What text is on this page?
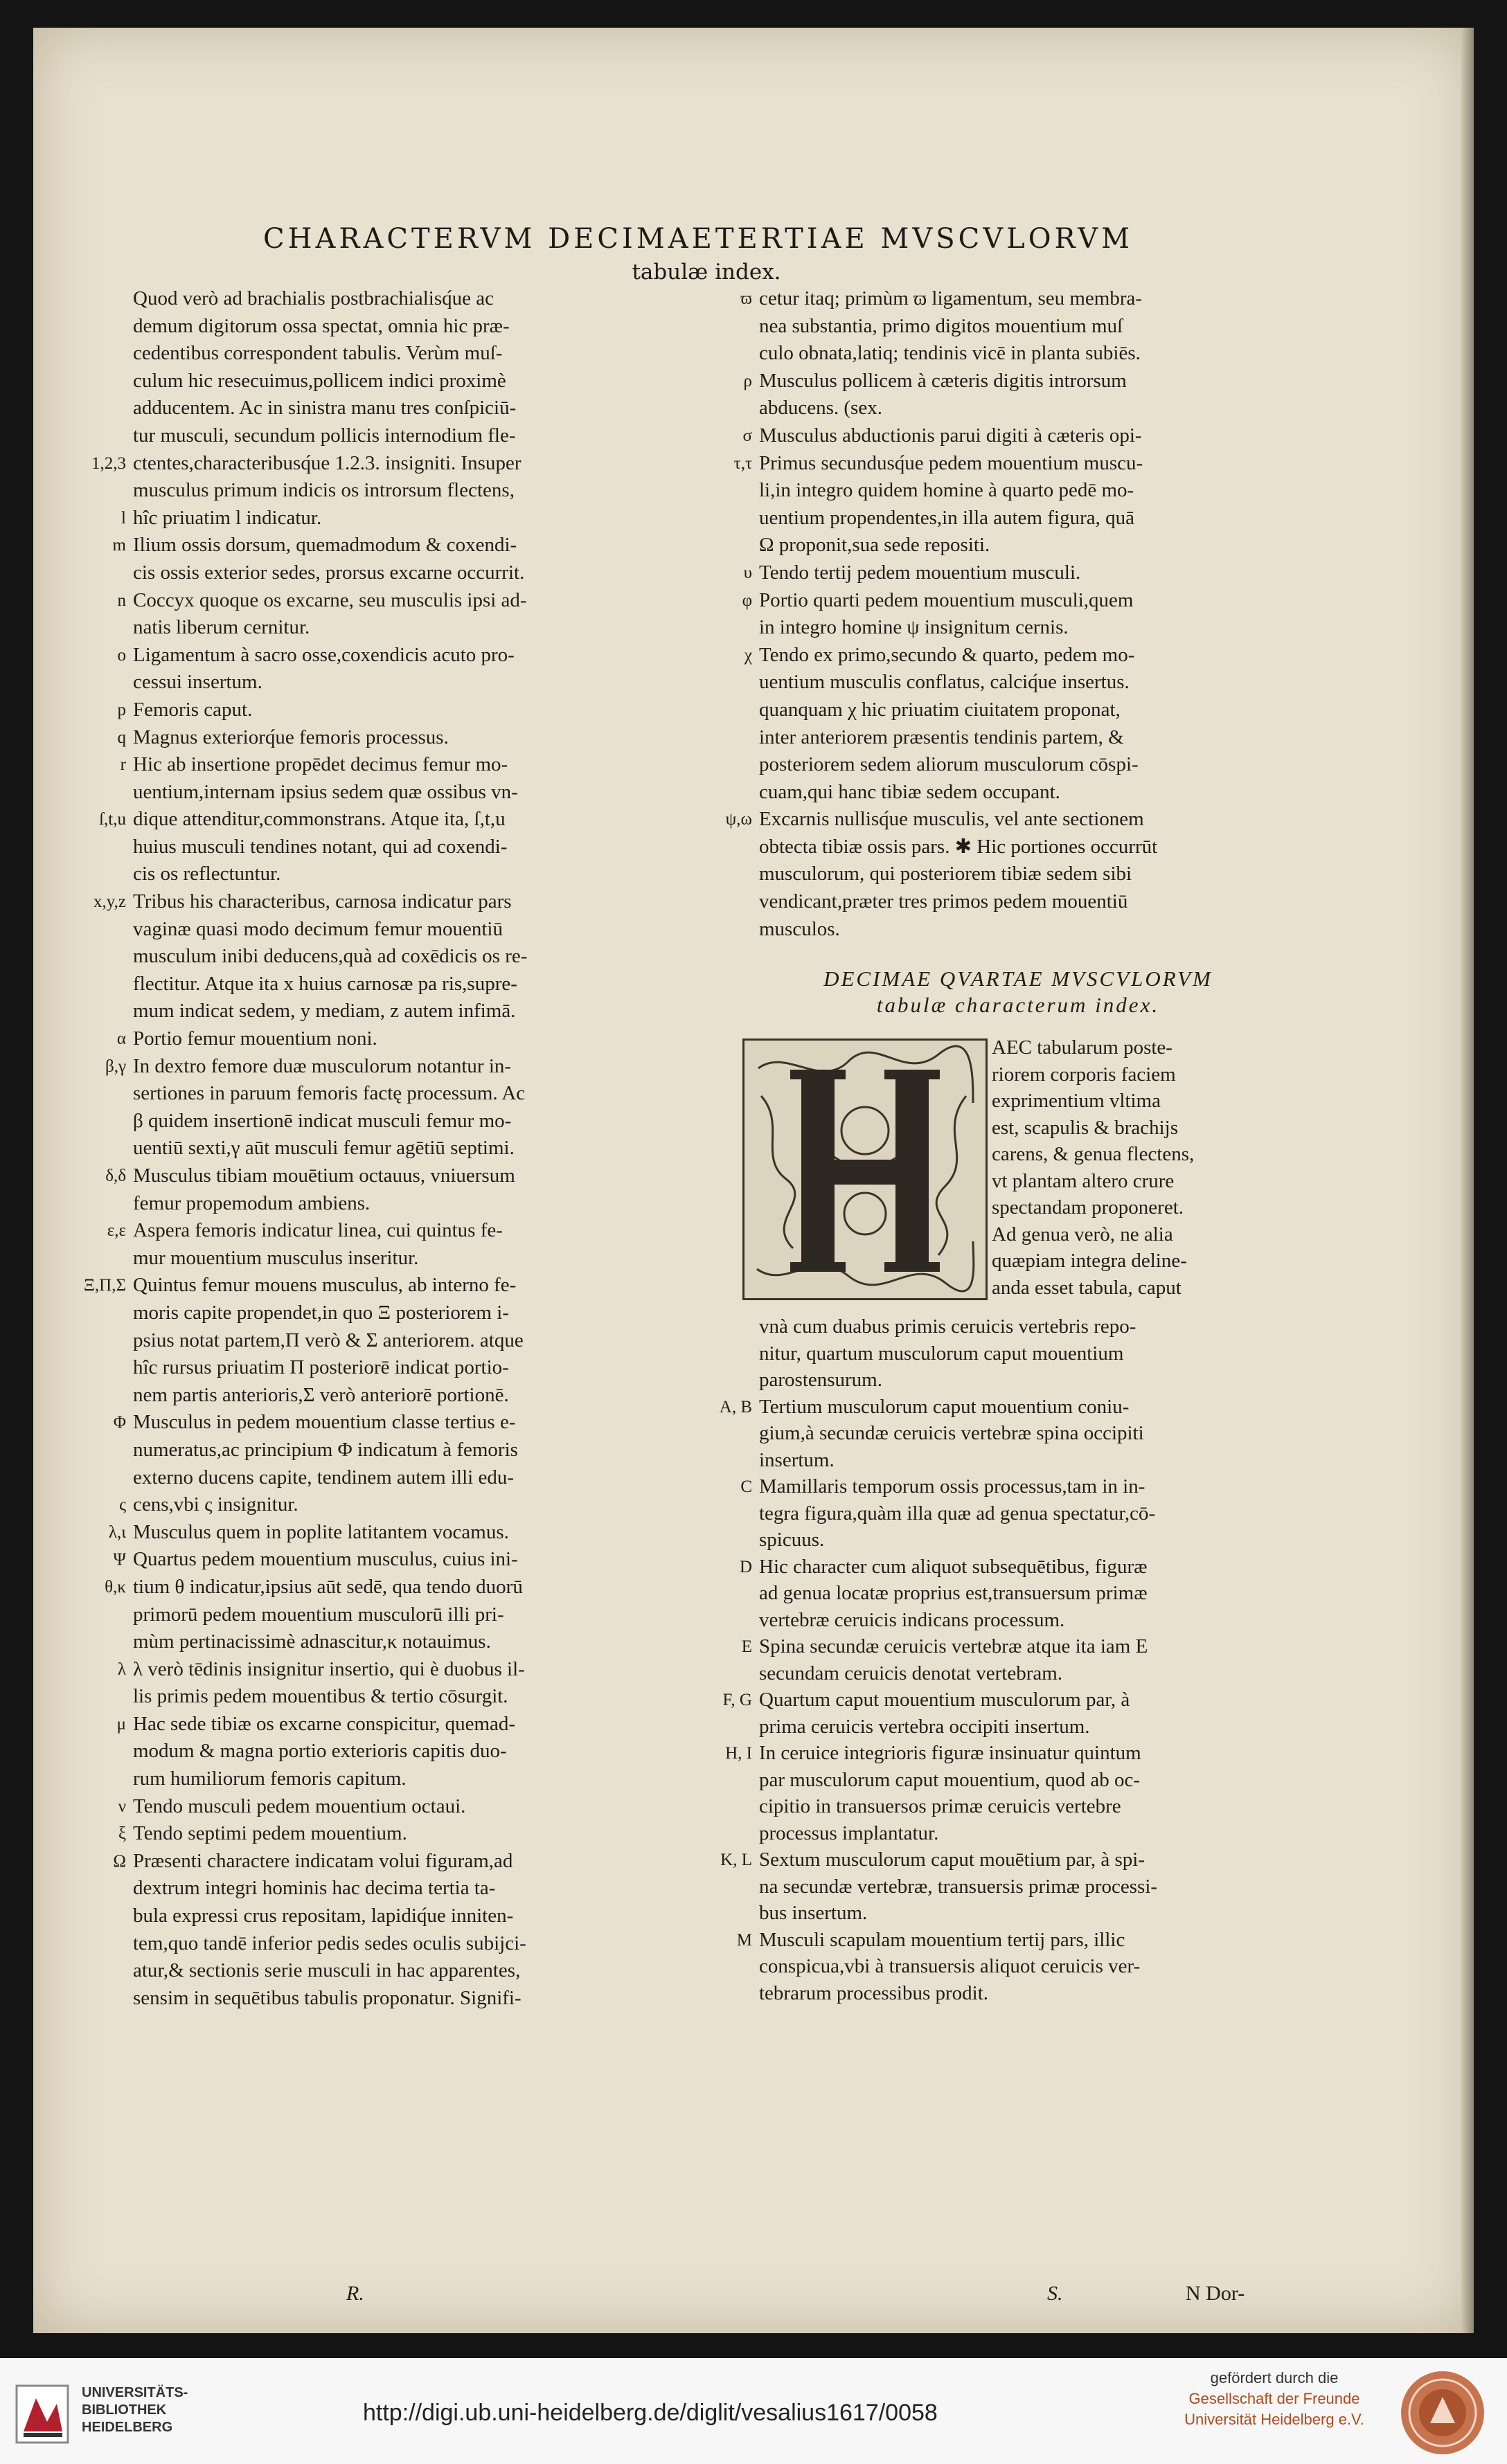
CHARACTERVM DECIMAETERTIAE MVSCVLORVM
tabulæ index.
Quod verò ad brachialis postbrachialisq́ue ac
demum digitorum ossa spectat, omnia hic præ-
cedentibus correspondent tabulis. Verùm muſ-
culum hic resecuimus,pollicem indici proximè
adducentem. Ac in sinistra manu tres conſpiciū-
tur musculi, secundum pollicis internodium fle-
1,2,3 ctentes,characteribusq́ue 1.2.3. insigniti. Insuper
musculus primum indicis os introrsum flectens,
l hîc priuatim l indicatur.
m Ilium ossis dorsum, quemadmodum & coxendi-
cis ossis exterior sedes, prorsus excarne occurrit.
n Coccyx quoque os excarne, seu musculis ipsi ad-
natis liberum cernitur.
o Ligamentum à sacro osse,coxendicis acuto pro-
cessui insertum.
p Femoris caput.
q Magnus exteriorq́ue femoris processus.
r Hic ab insertione propēdet decimus femur mo-
uentium,internam ipsius sedem quæ ossibus vn-
ſ,t,u dique attenditur,commonstrans. Atque ita, ſ,t,u
huius musculi tendines notant, qui ad coxendi-
cis os reflectuntur.
x,y,z Tribus his characteribus, carnosa indicatur pars
vaginæ quasi modo decimum femur mouentiū
musculum inibi deducens,quà ad coxēdicis os re-
flectitur. Atque ita x huius carnosæ pa ris,supre-
mum indicat sedem, y mediam, z autem infimā.
α Portio femur mouentium noni.
β,γ In dextro femore duæ musculorum notantur in-
sertiones in paruum femoris factę processum. Ac
β quidem insertionē indicat musculi femur mo-
uentiū sexti,γ aūt musculi femur agētiū septimi.
δ,δ Musculus tibiam mouētium octauus, vniuersum
femur propemodum ambiens.
ε,ε Aspera femoris indicatur linea, cui quintus fe-
mur mouentium musculus inseritur.
Ξ,Π,Σ Quintus femur mouens musculus, ab interno fe-
moris capite propendet,in quo Ξ posteriorem i-
psius notat partem,Π verò & Σ anteriorem. atque
hîc rursus priuatim Π posteriorē indicat portio-
nem partis anterioris,Σ verò anteriorē portionē.
Φ Musculus in pedem mouentium classe tertius e-
numeratus,ac principium Φ indicatum à femoris
externo ducens capite, tendinem autem illi edu-
ς cens,vbi ς insignitur.
λ,ι Musculus quem in poplite latitantem vocamus.
Ψ Quartus pedem mouentium musculus, cuius ini-
θ,κ tium θ indicatur,ipsius aūt sedē, qua tendo duorū
primorū pedem mouentium musculorū illi pri-
mùm pertinacissimè adnascitur,κ notauimus.
λ λ verò tēdinis insignitur insertio, qui è duobus il-
lis primis pedem mouentibus & tertio cōsurgit.
μ Hac sede tibiæ os excarne conspicitur, quemad-
modum & magna portio exterioris capitis duo-
rum humiliorum femoris capitum.
ν Tendo musculi pedem mouentium octaui.
ξ Tendo septimi pedem mouentium.
Ω Præsenti charactere indicatam volui figuram,ad
dextrum integri hominis hac decima tertia ta-
bula expressi crus repositam, lapidiq́ue inniten-
tem,quo tandē inferior pedis sedes oculis subijci-
atur,& sectionis serie musculi in hac apparentes,
sensim in sequētibus tabulis proponatur. Signifi-
ϖ cetur itaq; primùm ϖ ligamentum, seu membra-
nea substantia, primo digitos mouentium muſ
culo obnata,latiq; tendinis vicē in planta subiēs.
ρ Musculus pollicem à cæteris digitis introrsum
abducens. (sex.
σ Musculus abductionis parui digiti à cæteris opi-
τ,τ Primus secundusq́ue pedem mouentium muscu-
li,in integro quidem homine à quarto pedē mo-
uentium propendentes,in illa autem figura, quā
Ω proponit,sua sede repositi.
υ Tendo tertij pedem mouentium musculi.
φ Portio quarti pedem mouentium musculi,quem
in integro homine ψ insignitum cernis.
χ Tendo ex primo,secundo & quarto, pedem mo-
uentium musculis conflatus, calciq́ue insertus.
quanquam χ hic priuatim ciuitatem proponat,
inter anteriorem præsentis tendinis partem, &
posteriorem sedem aliorum musculorum cōspi-
cuam,qui hanc tibiæ sedem occupant.
ψ,ω Excarnis nullisq́ue musculis, vel ante sectionem
obtecta tibiæ ossis pars. ✱ Hic portiones occurrūt
musculorum, qui posteriorem tibiæ sedem sibi
vendicant,præter tres primos pedem mouentiū
musculos.
DECIMAE QVARTAE MVSCVLORVM
tabulæ characterum index.
AEC tabularum poste-
riorem corporis faciem
exprimentium vltima
est, scapulis & brachijs
carens, & genua flectens,
vt plantam altero crure
spectandam proponeret.
Ad genua verò, ne alia
quæpiam integra deline-
anda esset tabula, caput
vnà cum duabus primis ceruicis vertebris repo-
nitur, quartum musculorum caput mouentium
parostensurum.
A, B Tertium musculorum caput mouentium coniu-
gium,à secundæ ceruicis vertebræ spina occipiti
insertum.
C Mamillaris temporum ossis processus,tam in in-
tegra figura,quàm illa quæ ad genua spectatur,cō-
spicuus.
D Hic character cum aliquot subsequētibus, figuræ
ad genua locatæ proprius est,transuersum primæ
vertebræ ceruicis indicans processum.
E Spina secundæ ceruicis vertebræ atque ita iam E
secundam ceruicis denotat vertebram.
F, G Quartum caput mouentium musculorum par, à
prima ceruicis vertebra occipiti insertum.
H, I In ceruice integrioris figuræ insinuatur quintum
par musculorum caput mouentium, quod ab oc-
cipitio in transuersos primæ ceruicis vertebre
processus implantatur.
K, L Sextum musculorum caput mouētium par, à spi-
na secundæ vertebræ, transuersis primæ processi-
bus insertum.
M Musculi scapulam mouentium tertij pars, illic
conspicua,vbi à transuersis aliquot ceruicis ver-
tebrarum processibus prodit.
R.	S.	N Dor-
UNIVERSITÄTS-
BIBLIOTHEK
HEIDELBERG
http://digi.ub.uni-heidelberg.de/diglit/vesalius1617/0058
gefördert durch die
Gesellschaft der Freunde
Universität Heidelberg e.V.
